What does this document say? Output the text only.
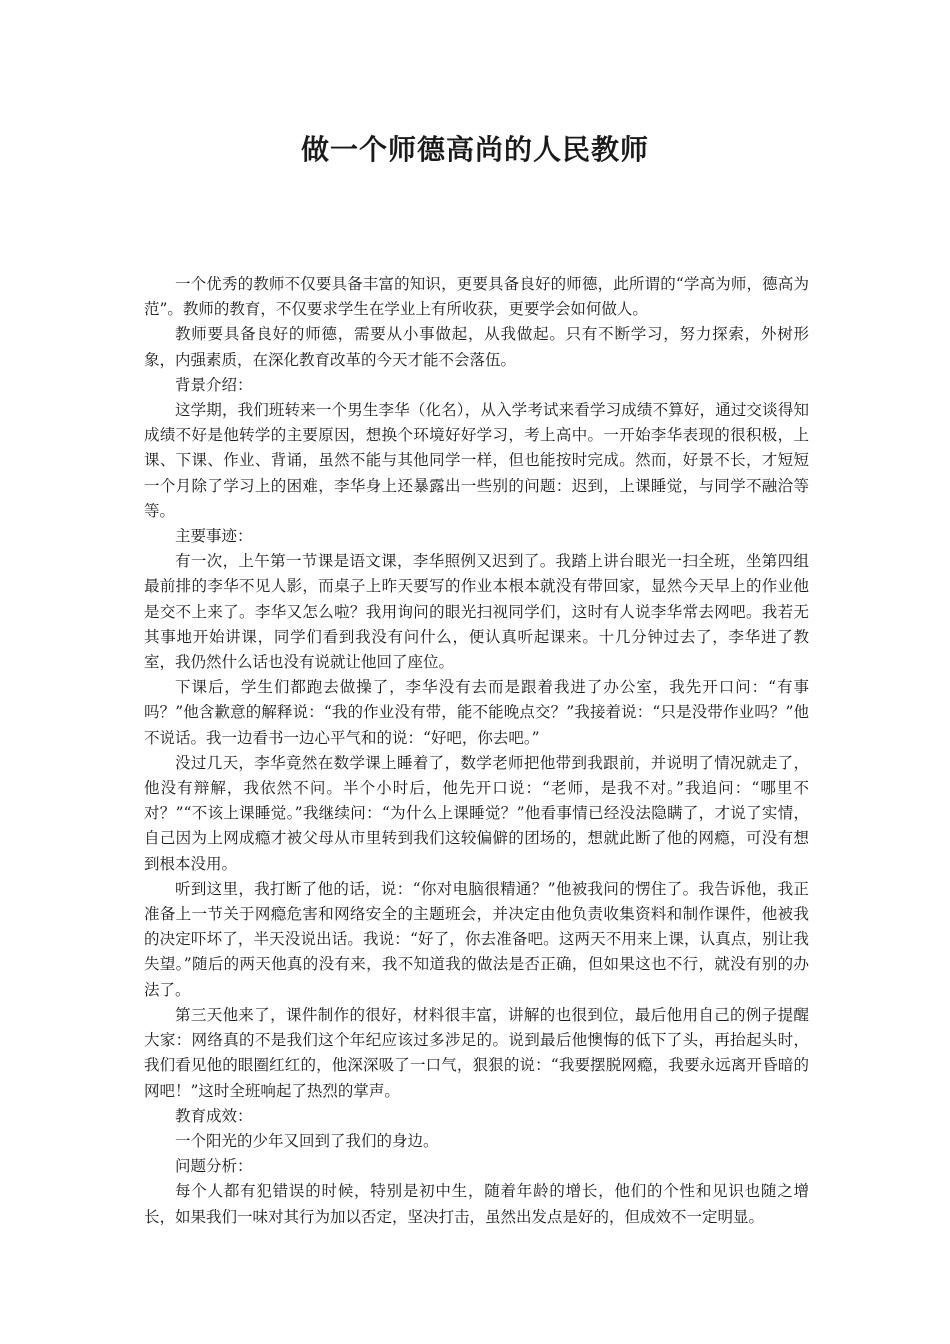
做一个师德高尚的人民教师

一个优秀的教师不仅要具备丰富的知识，更要具备良好的师德，此所谓的“学高为师，德高为范”。教师的教育，不仅要求学生在学业上有所收获，更要学会如何做人。

教师要具备良好的师德，需要从小事做起，从我做起。只有不断学习，努力探索，外树形象，内强素质，在深化教育改革的今天才能不会落伍。

背景介绍：

这学期，我们班转来一个男生李华（化名），从入学考试来看学习成绩不算好，通过交谈得知成绩不好是他转学的主要原因，想换个环境好好学习，考上高中。一开始李华表现的很积极，上课、下课、作业、背诵，虽然不能与其他同学一样，但也能按时完成。然而，好景不长，才短短一个月除了学习上的困难，李华身上还暴露出一些别的问题：迟到，上课睡觉，与同学不融洽等等。

主要事迹：

有一次，上午第一节课是语文课，李华照例又迟到了。我踏上讲台眼光一扫全班，坐第四组最前排的李华不见人影，而桌子上昨天要写的作业本根本就没有带回家，显然今天早上的作业他是交不上来了。李华又怎么啦？我用询问的眼光扫视同学们，这时有人说李华常去网吧。我若无其事地开始讲课，同学们看到我没有问什么，便认真听起课来。十几分钟过去了，李华进了教室，我仍然什么话也没有说就让他回了座位。

下课后，学生们都跑去做操了，李华没有去而是跟着我进了办公室，我先开口问：“有事吗？”他含歉意的解释说：“我的作业没有带，能不能晚点交？”我接着说：“只是没带作业吗？”他不说话。我一边看书一边心平气和的说：“好吧，你去吧。”

没过几天，李华竟然在数学课上睡着了，数学老师把他带到我跟前，并说明了情况就走了，他没有辩解，我依然不问。半个小时后，他先开口说：“老师，是我不对。”我追问：“哪里不对？”“不该上课睡觉。”我继续问：“为什么上课睡觉？”他看事情已经没法隐瞒了，才说了实情，自己因为上网成瘾才被父母从市里转到我们这较偏僻的团场的，想就此断了他的网瘾，可没有想到根本没用。

听到这里，我打断了他的话，说：“你对电脑很精通？”他被我问的愣住了。我告诉他，我正准备上一节关于网瘾危害和网络安全的主题班会，并决定由他负责收集资料和制作课件，他被我的决定吓坏了，半天没说出话。我说：“好了，你去准备吧。这两天不用来上课，认真点，别让我失望。”随后的两天他真的没有来，我不知道我的做法是否正确，但如果这也不行，就没有别的办法了。

第三天他来了，课件制作的很好，材料很丰富，讲解的也很到位，最后他用自己的例子提醒大家：网络真的不是我们这个年纪应该过多涉足的。说到最后他懊悔的低下了头，再抬起头时，我们看见他的眼圈红红的，他深深吸了一口气，狠狠的说：“我要摆脱网瘾，我要永远离开昏暗的网吧！”这时全班响起了热烈的掌声。

教育成效：

一个阳光的少年又回到了我们的身边。

问题分析：

每个人都有犯错误的时候，特别是初中生，随着年龄的增长，他们的个性和见识也随之增长，如果我们一味对其行为加以否定，坚决打击，虽然出发点是好的，但成效不一定明显。
